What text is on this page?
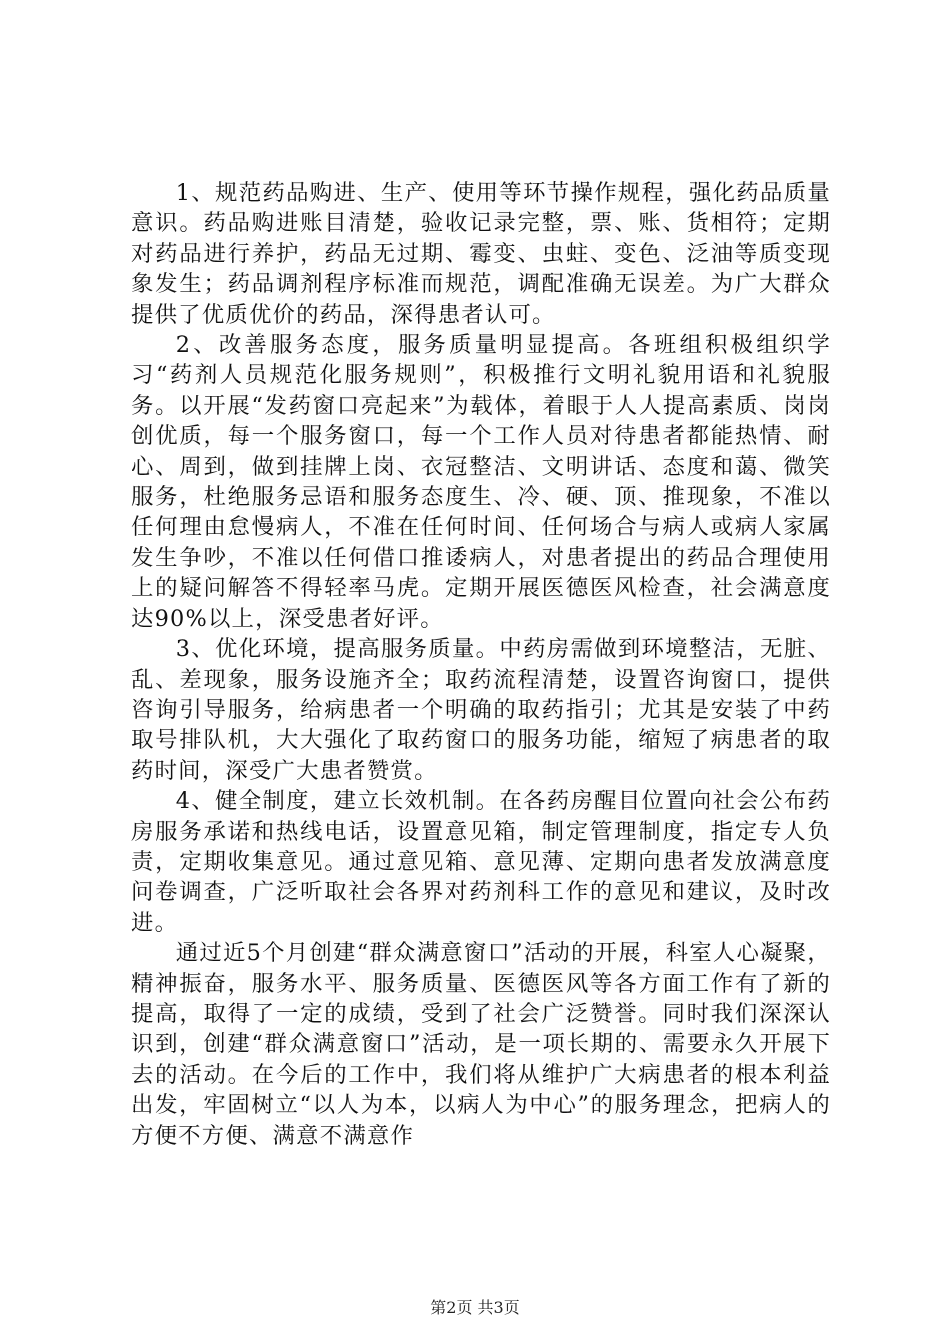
1、规范药品购进、生产、使用等环节操作规程，强化药品质量意识。药品购进账目清楚，验收记录完整，票、账、货相符；定期对药品进行养护，药品无过期、霉变、虫蛀、变色、泛油等质变现象发生；药品调剂程序标准而规范，调配准确无误差。为广大群众提供了优质优价的药品，深得患者认可。

2、改善服务态度，服务质量明显提高。各班组积极组织学习“药剂人员规范化服务规则”，积极推行文明礼貌用语和礼貌服务。以开展“发药窗口亮起来”为载体，着眼于人人提高素质、岗岗创优质，每一个服务窗口，每一个工作人员对待患者都能热情、耐心、周到，做到挂牌上岗、衣冠整洁、文明讲话、态度和蔼、微笑服务，杜绝服务忌语和服务态度生、冷、硬、顶、推现象，不准以任何理由怠慢病人，不准在任何时间、任何场合与病人或病人家属发生争吵，不准以任何借口推诿病人，对患者提出的药品合理使用上的疑问解答不得轻率马虎。定期开展医德医风检查，社会满意度达90%以上，深受患者好评。

3、优化环境，提高服务质量。中药房需做到环境整洁，无脏、乱、差现象，服务设施齐全；取药流程清楚，设置咨询窗口，提供咨询引导服务，给病患者一个明确的取药指引；尤其是安装了中药取号排队机，大大强化了取药窗口的服务功能，缩短了病患者的取药时间，深受广大患者赞赏。

4、健全制度，建立长效机制。在各药房醒目位置向社会公布药房服务承诺和热线电话，设置意见箱，制定管理制度，指定专人负责，定期收集意见。通过意见箱、意见薄、定期向患者发放满意度问卷调查，广泛听取社会各界对药剂科工作的意见和建议，及时改进。

通过近5个月创建“群众满意窗口”活动的开展，科室人心凝聚，精神振奋，服务水平、服务质量、医德医风等各方面工作有了新的提高，取得了一定的成绩，受到了社会广泛赞誉。同时我们深深认识到，创建“群众满意窗口”活动，是一项长期的、需要永久开展下去的活动。在今后的工作中，我们将从维护广大病患者的根本利益出发，牢固树立“以人为本，以病人为中心”的服务理念，把病人的方便不方便、满意不满意作

第2页 共3页
